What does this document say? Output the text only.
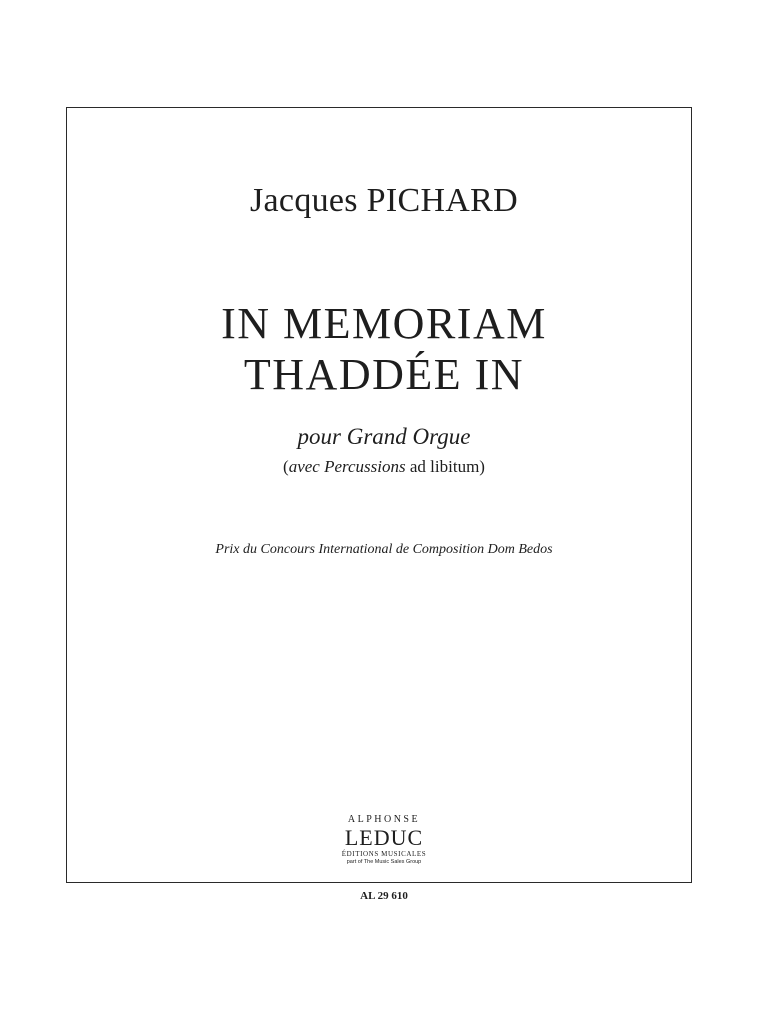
Jacques PICHARD
IN MEMORIAM
THADDÉE IN
pour Grand Orgue
(avec Percussions ad libitum)
Prix du Concours International de Composition Dom Bedos
ALPHONSE
LEDUC
ÉDITIONS MUSICALES
part of The Music Sales Group
AL 29 610
